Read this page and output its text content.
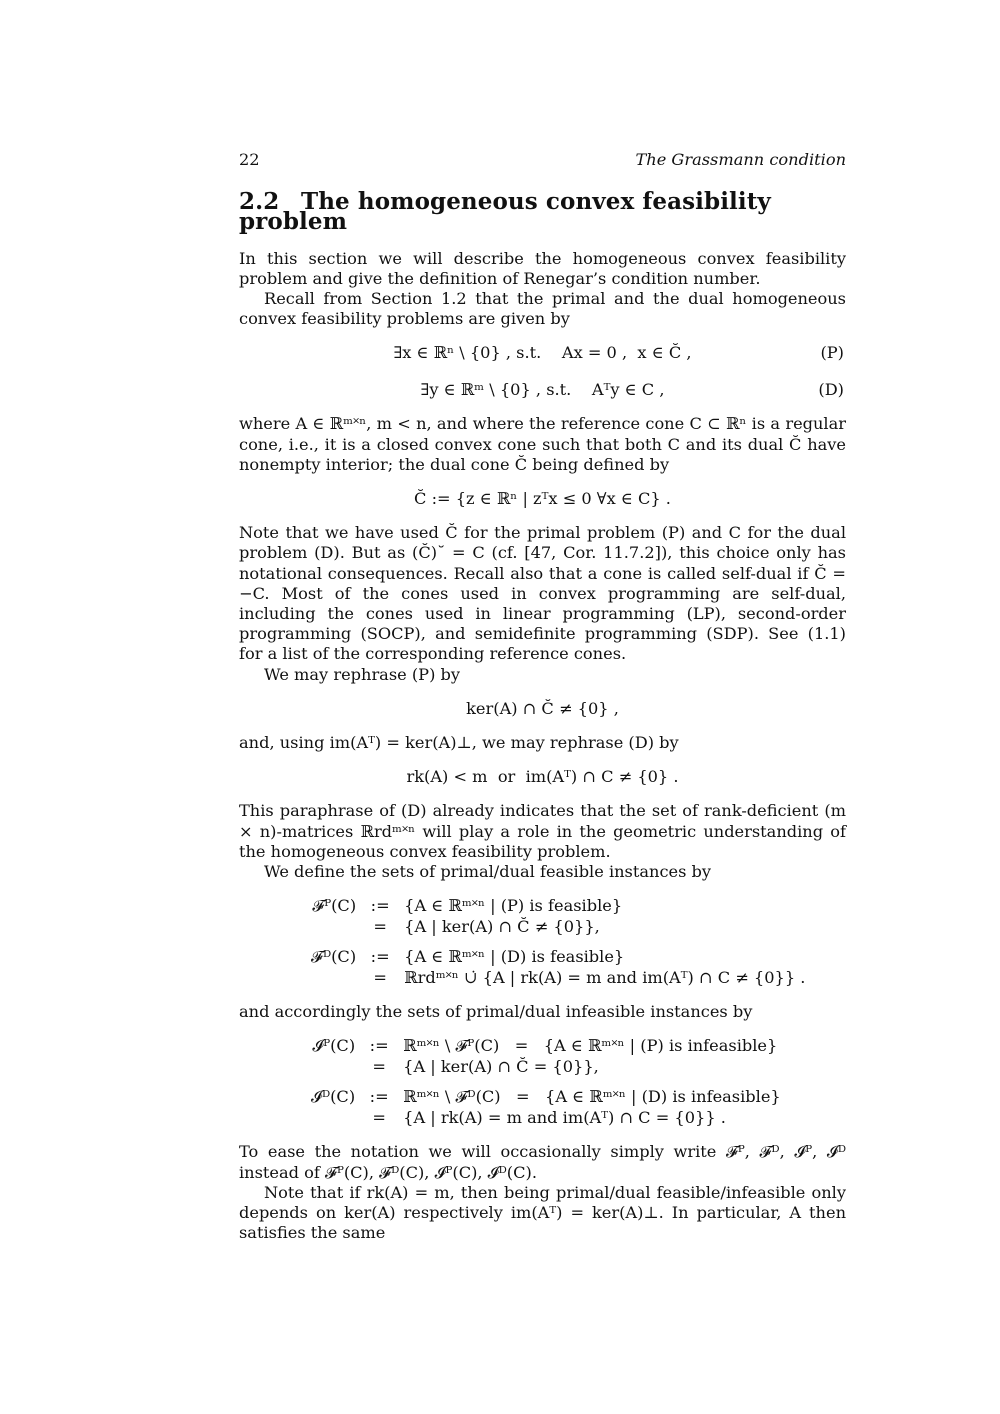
22	The Grassmann condition
2.2 The homogeneous convex feasibility problem

In this section we will describe the homogeneous convex feasibility problem and give the definition of Renegar’s condition number.

Recall from Section 1.2 that the primal and the dual homogeneous convex feasibility problems are given by

∃x ∈ ℝⁿ \ {0} , s.t.    Ax = 0 ,  x ∈ C̆ ,	(P)
∃y ∈ ℝᵐ \ {0} , s.t.    Aᵀy ∈ C ,	(D)

where A ∈ ℝᵐ˟ⁿ, m < n, and where the reference cone C ⊂ ℝⁿ is a regular cone, i.e., it is a closed convex cone such that both C and its dual C̆ have nonempty interior; the dual cone C̆ being defined by

C̆ := {z ∈ ℝⁿ | zᵀx ≤ 0 ∀x ∈ C} .

Note that we have used C̆ for the primal problem (P) and C for the dual problem (D). But as (C̆)˘ = C (cf. [47, Cor. 11.7.2]), this choice only has notational consequences. Recall also that a cone is called self-dual if C̆ = −C. Most of the cones used in convex programming are self-dual, including the cones used in linear programming (LP), second-order programming (SOCP), and semidefinite programming (SDP). See (1.1) for a list of the corresponding reference cones.

We may rephrase (P) by

ker(A) ∩ C̆ ≠ {0} ,

and, using im(Aᵀ) = ker(A)⊥, we may rephrase (D) by

rk(A) < m  or  im(Aᵀ) ∩ C ≠ {0} .

This paraphrase of (D) already indicates that the set of rank-deficient (m × n)-matrices ℝrdᵐ˟ⁿ will play a role in the geometric understanding of the homogeneous convex feasibility problem.

We define the sets of primal/dual feasible instances by

𝓕ᴾ(C)	:=	{A ∈ ℝᵐ˟ⁿ | (P) is feasible}
	=	{A | ker(A) ∩ C̆ ≠ {0}},

𝓕ᴰ(C)	:=	{A ∈ ℝᵐ˟ⁿ | (D) is feasible}
	=	ℝrdᵐ˟ⁿ ∪̇ {A | rk(A) = m and im(Aᵀ) ∩ C ≠ {0}} .

and accordingly the sets of primal/dual infeasible instances by

𝓘ᴾ(C)	:=	ℝᵐ˟ⁿ \ 𝓕ᴾ(C)   =   {A ∈ ℝᵐ˟ⁿ | (P) is infeasible}
	=	{A | ker(A) ∩ C̆ = {0}},

𝓘ᴰ(C)	:=	ℝᵐ˟ⁿ \ 𝓕ᴰ(C)   =   {A ∈ ℝᵐ˟ⁿ | (D) is infeasible}
	=	{A | rk(A) = m and im(Aᵀ) ∩ C = {0}} .

To ease the notation we will occasionally simply write 𝓕ᴾ, 𝓕ᴰ, 𝓘ᴾ, 𝓘ᴰ instead of 𝓕ᴾ(C), 𝓕ᴰ(C), 𝓘ᴾ(C), 𝓘ᴰ(C).

Note that if rk(A) = m, then being primal/dual feasible/infeasible only depends on ker(A) respectively im(Aᵀ) = ker(A)⊥. In particular, A then satisfies the same
